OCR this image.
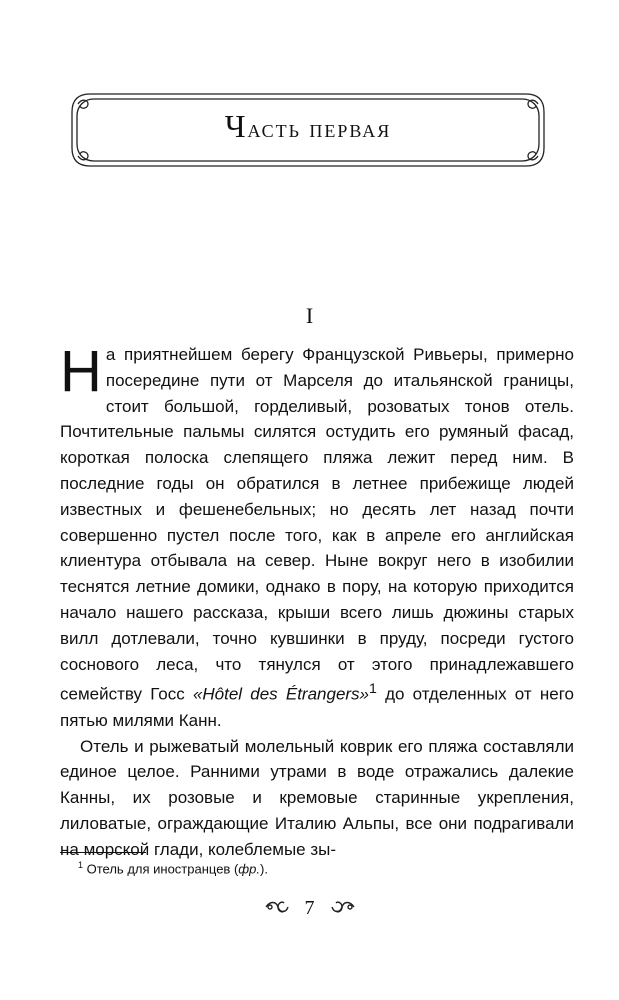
Часть первая
I

На приятнейшем берегу Французской Ривьеры, примерно посередине пути от Марселя до итальянской границы, стоит большой, горделивый, розоватых тонов отель. Почтительные пальмы силятся остудить его румяный фасад, короткая полоска слепящего пляжа лежит перед ним. В последние годы он обратился в летнее прибежище людей известных и фешенебельных; но десять лет назад почти совершенно пустел после того, как в апреле его английская клиентура отбывала на север. Ныне вокруг него в изобилии теснятся летние домики, однако в пору, на которую приходится начало нашего рассказа, крыши всего лишь дюжины старых вилл дотлевали, точно кувшинки в пруду, посреди густого соснового леса, что тянулся от этого принадлежавшего семейству Госс «Hôtel des Étrangers»$^1$ до отделенных от него пятью милями Канн.

Отель и рыжеватый молельный коврик его пляжа составляли единое целое. Ранними утрами в воде отражались далекие Канны, их розовые и кремовые старинные укрепления, лиловатые, ограждающие Италию Альпы, все они подрагивали на морской глади, колеблемые зы-

$^1$ Отель для иностранцев (фр.).
7
